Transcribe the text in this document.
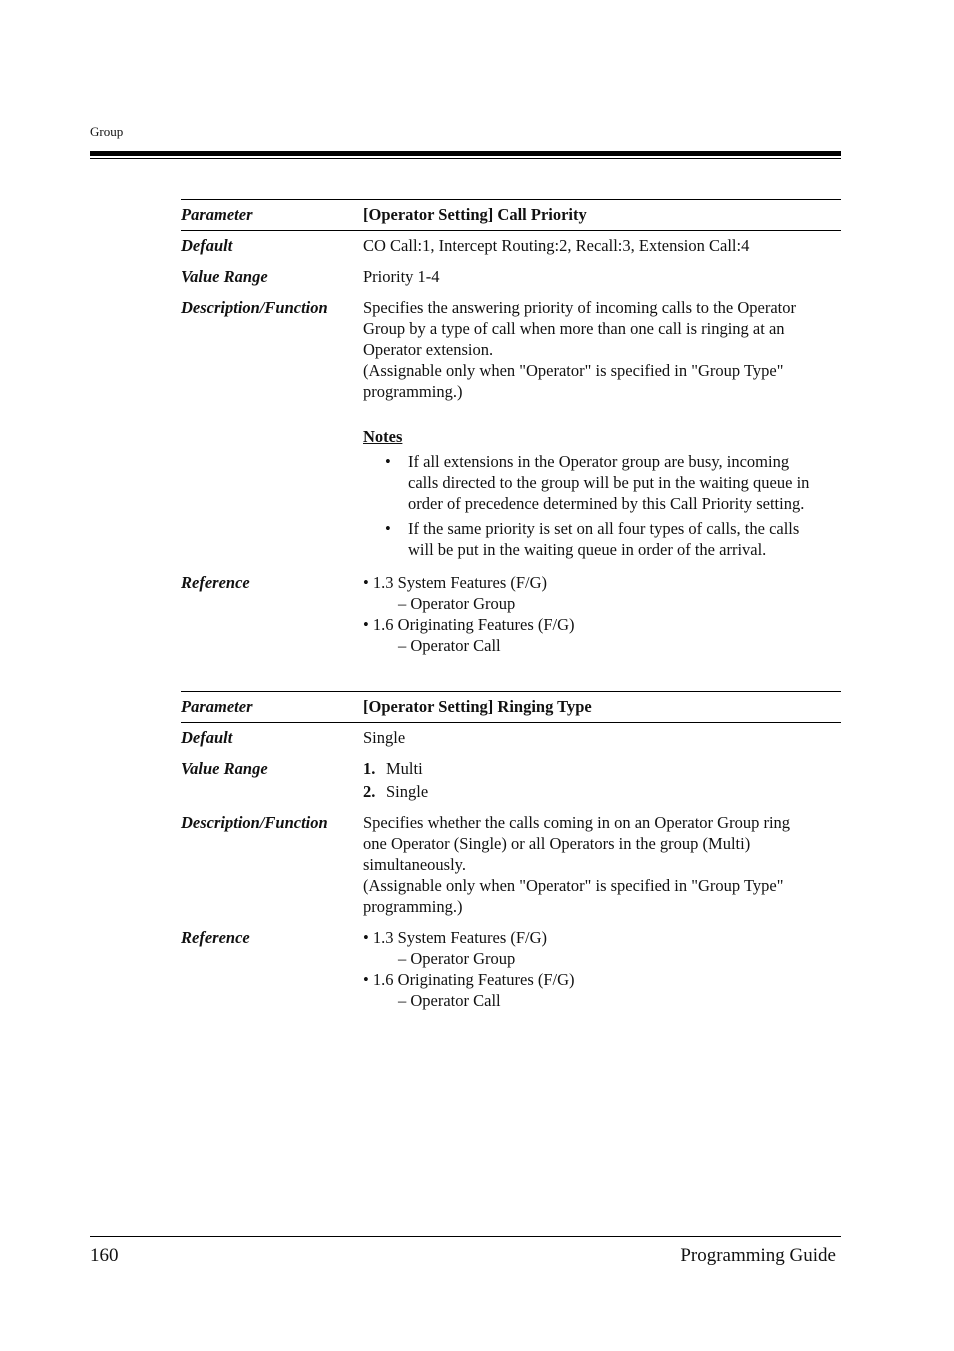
Group
Parameter	[Operator Setting] Call Priority
Default	CO Call:1, Intercept Routing:2, Recall:3, Extension Call:4
Value Range	Priority 1-4
Description/Function	Specifies the answering priority of incoming calls to the Operator
Group by a type of call when more than one call is ringing at an
Operator extension.
(Assignable only when "Operator" is specified in "Group Type"
programming.)
Notes
• If all extensions in the Operator group are busy, incoming
calls directed to the group will be put in the waiting queue in
order of precedence determined by this Call Priority setting.
• If the same priority is set on all four types of calls, the calls
will be put in the waiting queue in order of the arrival.
Reference	• 1.3 System Features (F/G)
– Operator Group
• 1.6 Originating Features (F/G)
– Operator Call
Parameter	[Operator Setting] Ringing Type
Default	Single
Value Range	1. Multi
2. Single
Description/Function	Specifies whether the calls coming in on an Operator Group ring
one Operator (Single) or all Operators in the group (Multi)
simultaneously.
(Assignable only when "Operator" is specified in "Group Type"
programming.)
Reference	• 1.3 System Features (F/G)
– Operator Group
• 1.6 Originating Features (F/G)
– Operator Call
160	Programming Guide
